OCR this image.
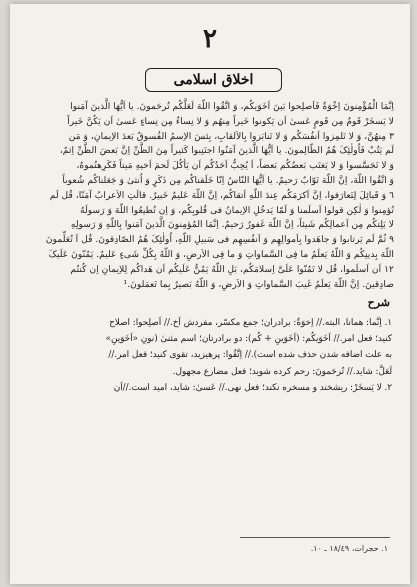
٢
اخلاق اسلامی

اِنَّمَا الْمُؤْمِنونَ اِخْوَةٌ فَاَصلِحوا بَینَ اَخَوَیکُم، وَ اتَّقُوا اللّهَ لَعَلَّکُم تُرحَمونَ. یا اَیُّهَا الَّذینَ آمَنوا

لا یَسخَرْ قَومٌ مِن قَومٍ عَسیٰ اَن یَکونوا خَیراً مِنهُم وَ لا نِساءٌ مِن نِساءٍ عَسیٰ اَن یَکُنَّ خَیراً

٣ مِنهُنَّ، وَ لا تَلمِزوا اَنفُسَکُم وَ لا تَنابَزوا بِالاَلقابِ، بِئسَ الاِسمُ الفُسوقُ بَعدَ الاِیمانِ، وَ مَن

لَم یَتُبْ فَاُولٰئِکَ هُمُ الظّالِمونَ. یا اَیُّهَا الَّذینَ آمَنُوا اجتَنِبوا کَثیراً مِنَ الظَّنِّ اِنَّ بَعضَ الظَّنِّ اِثمٌ،

وَ لا تَجَسَّسوا وَ لا یَغتَب بَعضُکُم بَعضاً، اَ یُحِبُّ اَحَدُکُم اَن یَأکُلَ لَحمَ اَخیهِ مَیتاً فَکَرِهتُموهُ،

وَ اتَّقُوا اللّهَ، اِنَّ اللّهَ تَوّابٌ رَحیمٌ. یا اَیُّهَا النّاسُ اِنّا خَلَقناکُم مِن ذَکَرٍ وَ اُنثیٰ وَ جَعَلناکُم شُعوباً

٦ وَ قَبائِلَ لِتَعارَفوا، اِنَّ اَکرَمَکُم عِندَ اللّهِ اَتقاکُم، اِنَّ اللّهَ عَلیمٌ خَبیرٌ. قالَتِ الاَعرابُ آمَنّا، قُل لَم

تُؤمِنوا وَ لٰکِن قولوا اَسلَمنا وَ لَمّا یَدخُلِ الاِیمانُ فی قُلوبِکُم، وَ اِن تُطیعُوا اللّهَ وَ رَسولَهُ

لا یَلِتکُم مِن اَعمالِکُم شَیئاً، اِنَّ اللّهَ غَفورٌ رَحیمٌ. اِنَّمَا المُؤمِنونَ الَّذینَ آمَنوا بِاللّهِ وَ رَسولِهِ

٩ ثُمَّ لَم یَرتابوا وَ جاهَدوا بِاَموالِهِم وَ اَنفُسِهِم فی سَبیلِ اللّهِ، اُولٰئِکَ هُمُ الصّادِقونَ. قُل اَ تُعَلِّمونَ

اللّهَ بِدینِکُم وَ اللّهُ یَعلَمُ ما فِی السَّماواتِ وَ ما فِی الاَرضِ، وَ اللّهُ بِکُلِّ شَیءٍ عَلیمٌ. یَمُنّونَ عَلَیکَ

١٢ اَن اَسلَموا، قُل لا تَمُنّوا عَلَیَّ اِسلامَکُم، بَلِ اللّهُ یَمُنُّ عَلَیکُم اَن هَداکُم لِلاِیمانِ اِن کُنتُم

صادِقینَ. اِنَّ اللّهَ یَعلَمُ غَیبَ السَّماواتِ وَ الاَرضِ، وَ اللّهُ بَصیرٌ بِما تَعمَلونَ.¹

شرح

١. اِنَّما: همانا، البته.// اِخوَةٌ: برادران؛ جمع مکسّر، مفردش اَخ.// اَصلِحوا: اصلاح

کنید؛ فعل امر.// اَخَوَیکُم: (اَخَوَینِ + کُم): دو برادرتان؛ اسم مثنیٰ (نونِ «اَخَوَینِ»

به علت اضافه شدن حذف شده است).// اِتَّقُوا: پرهیزید، تقوی کنید؛ فعل امر.//

لَعَلَّ: شاید.// تُرحَمونَ: رحم کرده شوید؛ فعل مضارع مجهول.

٢. لا یَسخَرْ: ریشخند و مسخره نکند؛ فعل نهی.// عَسیٰ: شاید، امید است.//اَن

١. حجرات، ١٨/٤٩ ـ ١٠.
